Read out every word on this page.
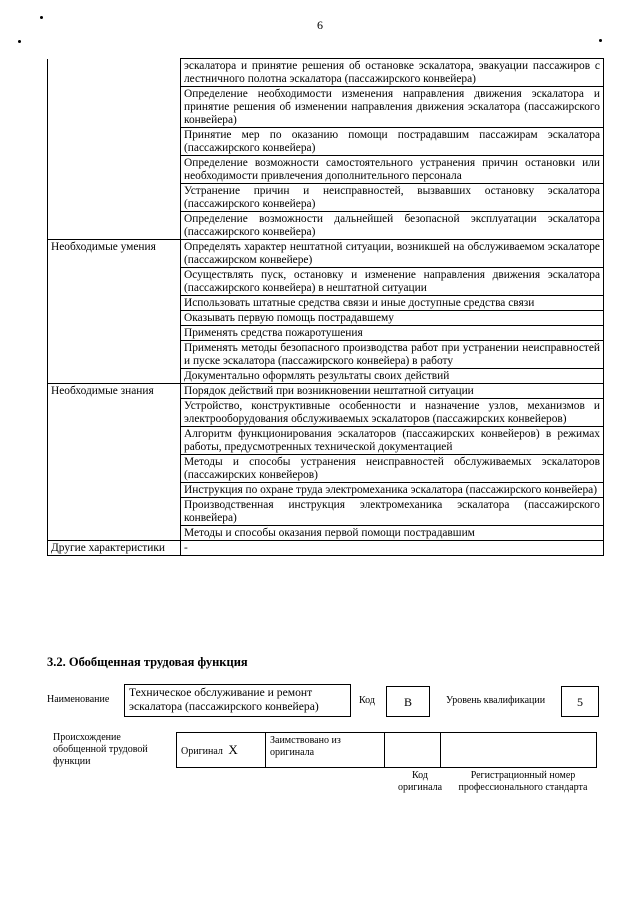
6
	эскалатора и принятие решения об остановке эскалатора, эвакуации пассажиров с лестничного полотна эскалатора (пассажирского конвейера)
	Определение необходимости изменения направления движения эскалатора и принятие решения об изменении направления движения эскалатора (пассажирского конвейера)
	Принятие мер по оказанию помощи пострадавшим пассажирам эскалатора (пассажирского конвейера)
	Определение возможности самостоятельного устранения причин остановки или необходимости привлечения дополнительного персонала
	Устранение причин и неисправностей, вызвавших остановку эскалатора (пассажирского конвейера)
	Определение возможности дальнейшей безопасной эксплуатации эскалатора (пассажирского конвейера)
Необходимые умения	Определять характер нештатной ситуации, возникшей на обслуживаемом эскалаторе (пассажирском конвейере)
	Осуществлять пуск, остановку и изменение направления движения эскалатора (пассажирского конвейера) в нештатной ситуации
	Использовать штатные средства связи и иные доступные средства связи
	Оказывать первую помощь пострадавшему
	Применять средства пожаротушения
	Применять методы безопасного производства работ при устранении неисправностей и пуске эскалатора (пассажирского конвейера) в работу
	Документально оформлять результаты своих действий
Необходимые знания	Порядок действий при возникновении нештатной ситуации
	Устройство, конструктивные особенности и назначение узлов, механизмов и электрооборудования обслуживаемых эскалаторов (пассажирских конвейеров)
	Алгоритм функционирования эскалаторов (пассажирских конвейеров) в режимах работы, предусмотренных технической документацией
	Методы и способы устранения неисправностей обслуживаемых эскалаторов (пассажирских конвейеров)
	Инструкция по охране труда электромеханика эскалатора (пассажирского конвейера)
	Производственная инструкция электромеханика эскалатора (пассажирского конвейера)
	Методы и способы оказания первой помощи пострадавшим
Другие характеристики	-
3.2. Обобщенная трудовая функция
Наименование
Техническое обслуживание и ремонт эскалатора (пассажирского конвейера)	Код	B	Уровень квалификации	5
Происхождение обобщенной трудовой функции
Оригинал X	Заимствовано из оригинала		
Код оригинала
Регистрационный номер профессионального стандарта
